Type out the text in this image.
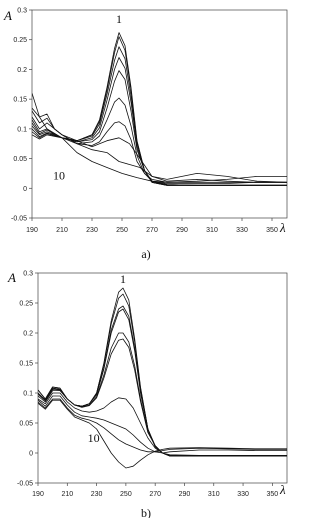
-0.05
0
0.05
0.1
0.15
0.2
0.25
0.3
190	210	230	250	270	290	310	330	350
1
10
A
λ
a)
-0.05
0
0.05
0.1
0.15
0.2
0.25
0.3
190	210	230	250	270	290	310	330	350
1
10
A
λ
b)
